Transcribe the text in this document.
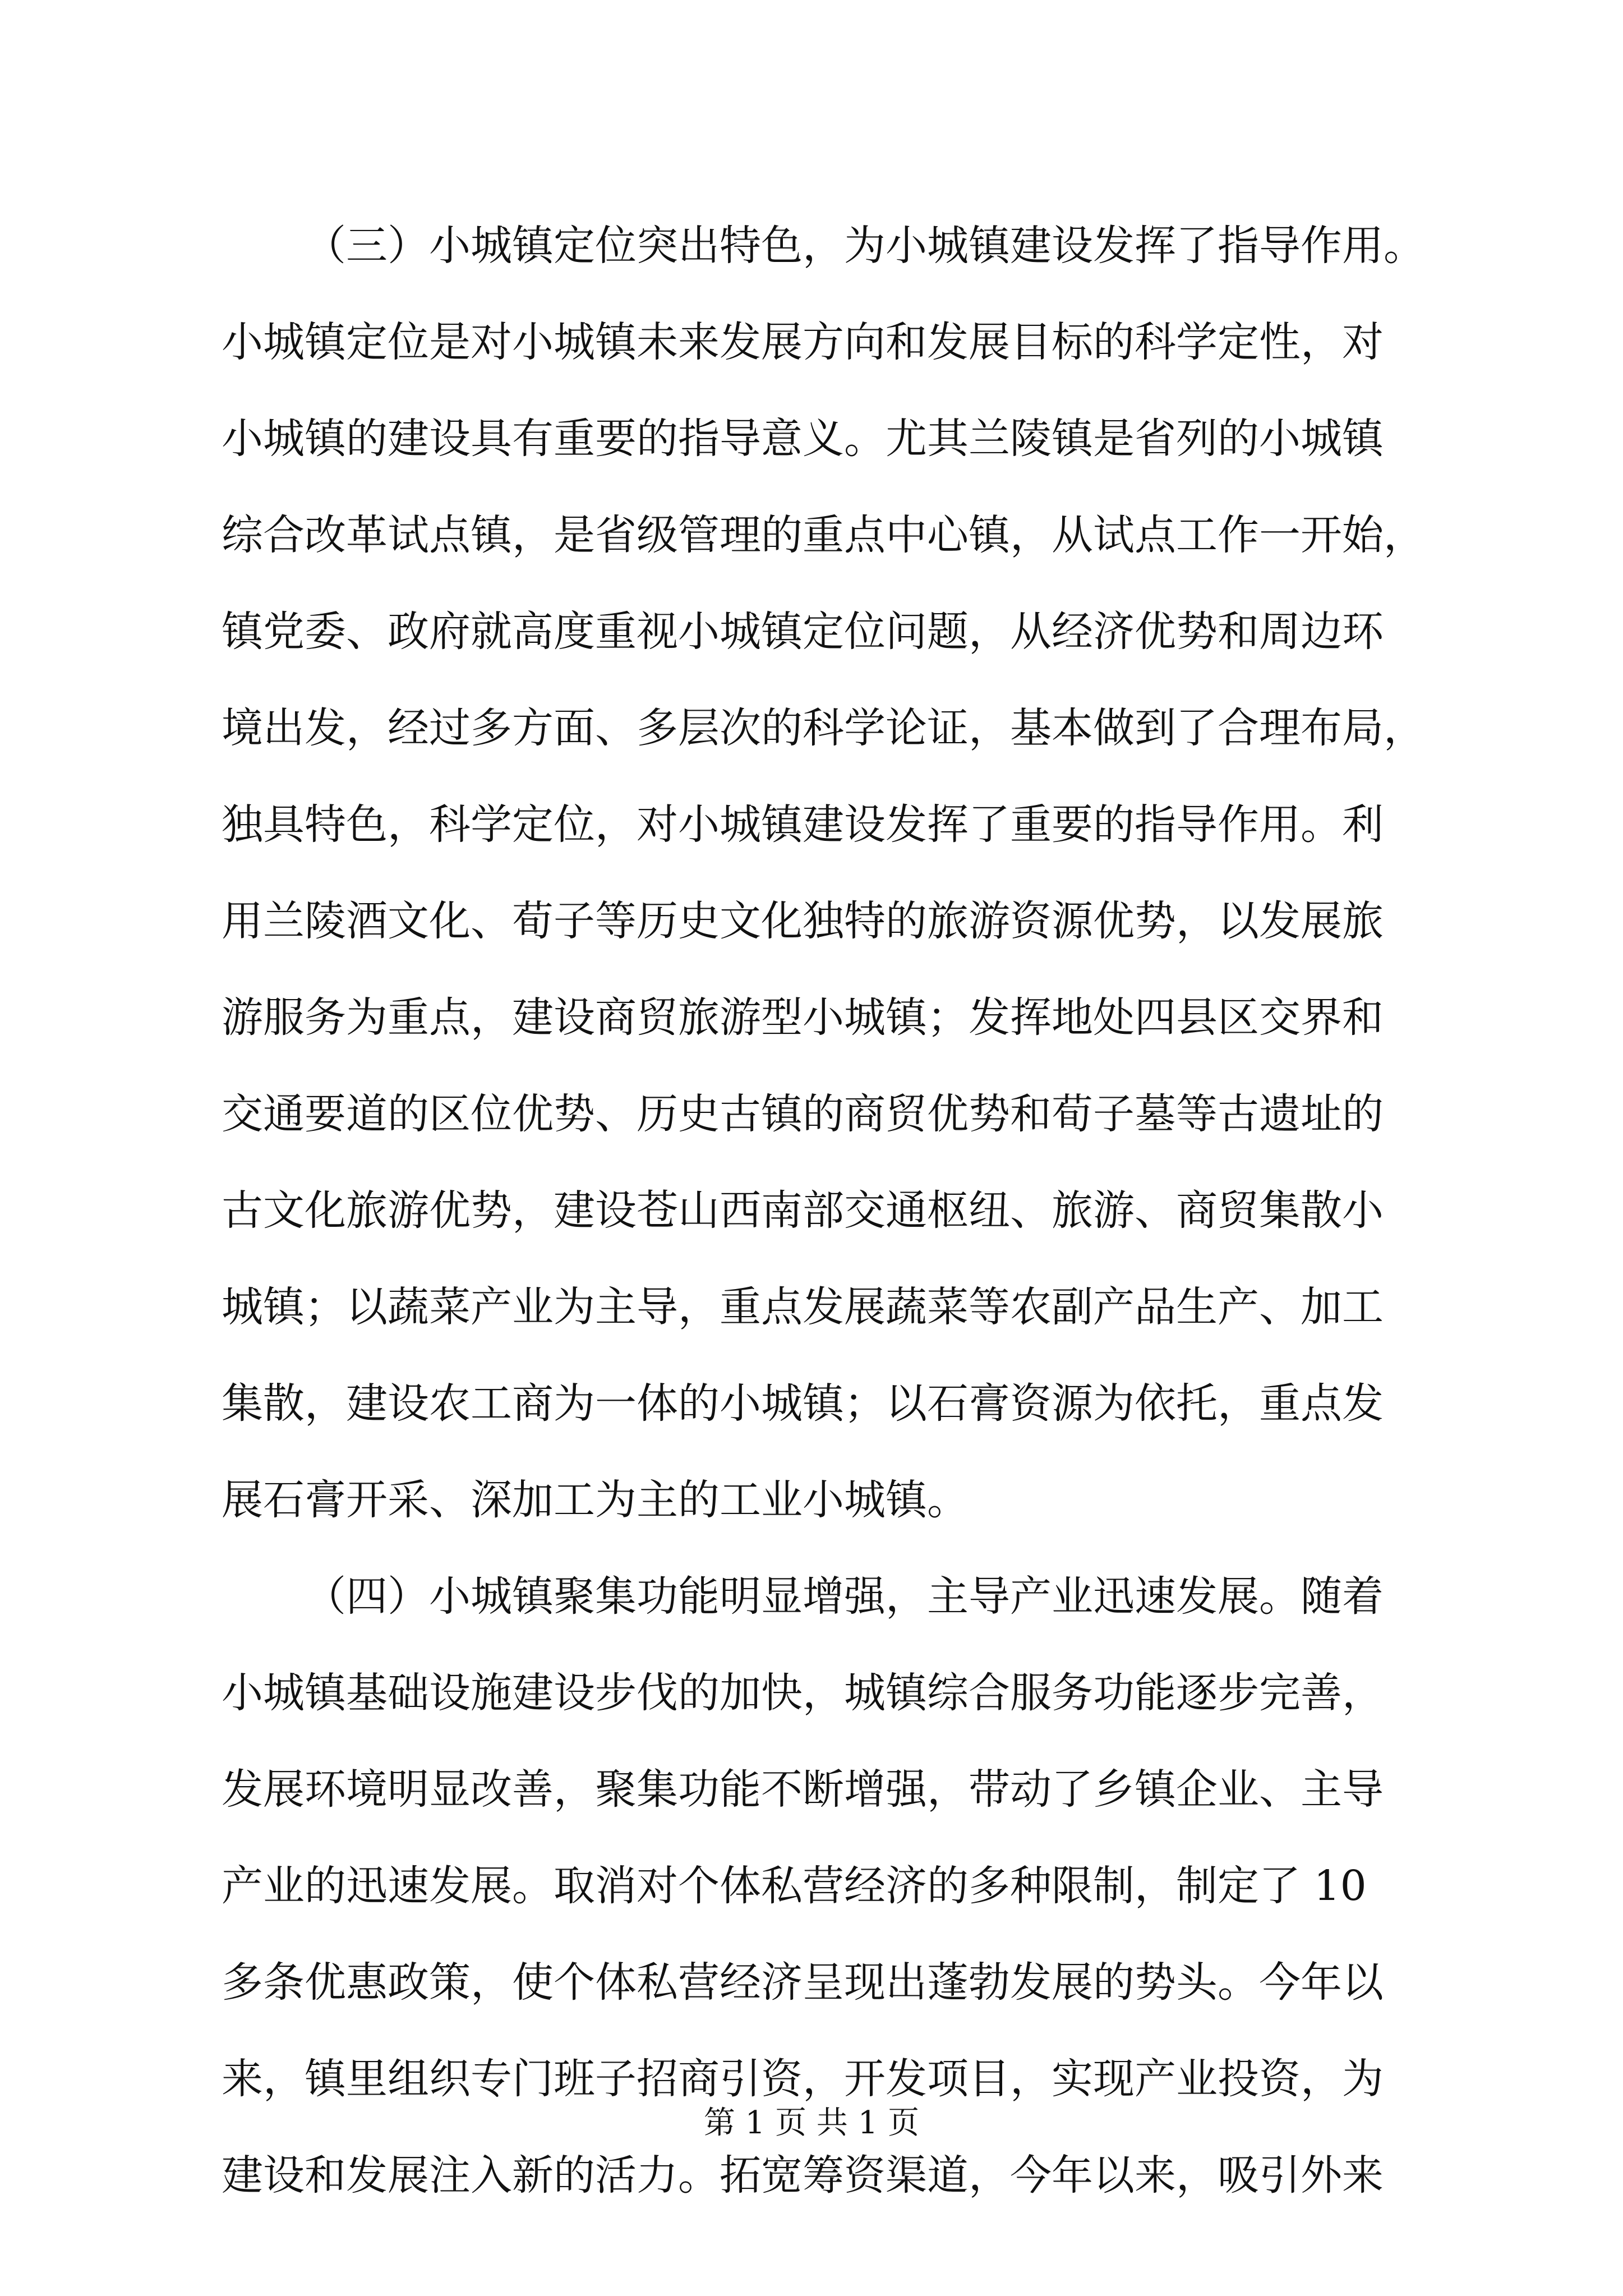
（三）小城镇定位突出特色，为小城镇建设发挥了指导作用。
小城镇定位是对小城镇未来发展方向和发展目标的科学定性，对
小城镇的建设具有重要的指导意义。尤其兰陵镇是省列的小城镇
综合改革试点镇，是省级管理的重点中心镇，从试点工作一开始，
镇党委、政府就高度重视小城镇定位问题，从经济优势和周边环
境出发，经过多方面、多层次的科学论证，基本做到了合理布局，
独具特色，科学定位，对小城镇建设发挥了重要的指导作用。利
用兰陵酒文化、荀子等历史文化独特的旅游资源优势，以发展旅
游服务为重点，建设商贸旅游型小城镇；发挥地处四县区交界和
交通要道的区位优势、历史古镇的商贸优势和荀子墓等古遗址的
古文化旅游优势，建设苍山西南部交通枢纽、旅游、商贸集散小
城镇；以蔬菜产业为主导，重点发展蔬菜等农副产品生产、加工
集散，建设农工商为一体的小城镇；以石膏资源为依托，重点发
展石膏开采、深加工为主的工业小城镇。
（四）小城镇聚集功能明显增强，主导产业迅速发展。随着
小城镇基础设施建设步伐的加快，城镇综合服务功能逐步完善，
发展环境明显改善，聚集功能不断增强，带动了乡镇企业、主导
产业的迅速发展。取消对个体私营经济的多种限制，制定了 10
多条优惠政策，使个体私营经济呈现出蓬勃发展的势头。今年以
来，镇里组织专门班子招商引资，开发项目，实现产业投资，为
建设和发展注入新的活力。拓宽筹资渠道，今年以来，吸引外来
第 1 页 共 1 页
